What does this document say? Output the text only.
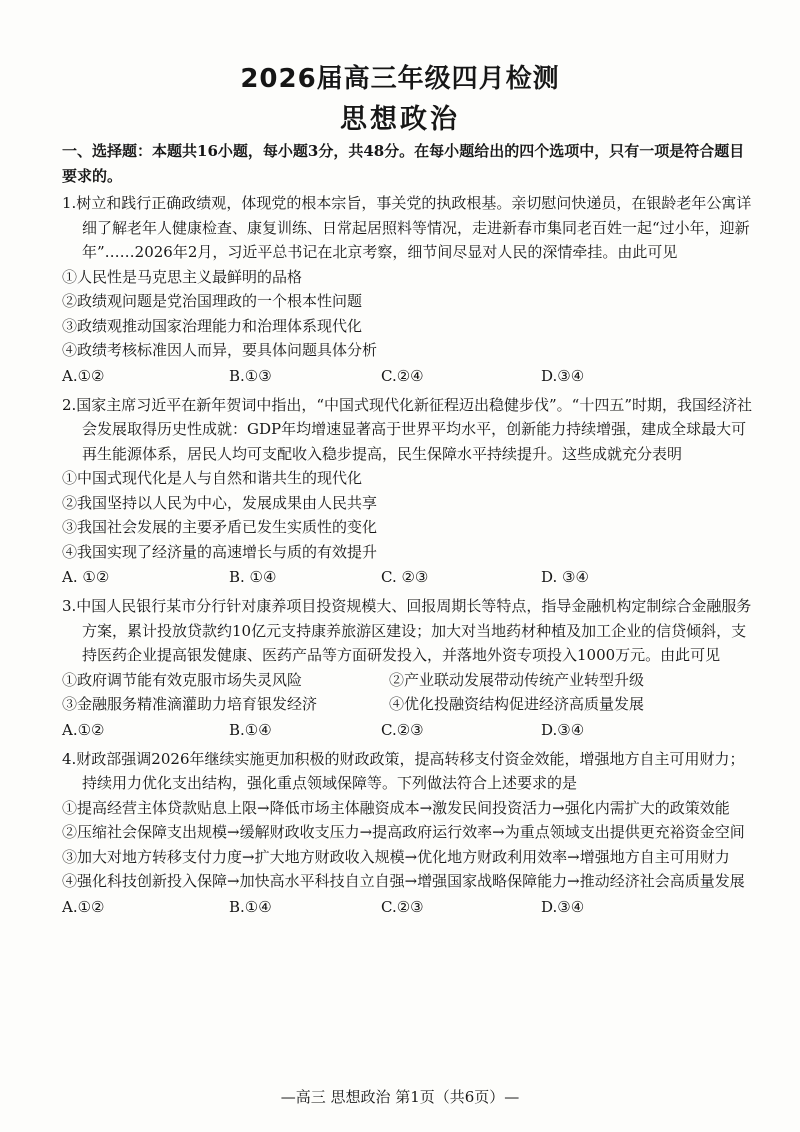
2026届高三年级四月检测
思想政治
一、选择题：本题共16小题，每小题3分，共48分。在每小题给出的四个选项中，只有一项是符合题目要求的。
1.树立和践行正确政绩观，体现党的根本宗旨，事关党的执政根基。亲切慰问快递员，在银龄老年公寓详细了解老年人健康检查、康复训练、日常起居照料等情况，走进新春市集同老百姓一起“过小年，迎新年”……2026年2月，习近平总书记在北京考察，细节间尽显对人民的深情牵挂。由此可见
①人民性是马克思主义最鲜明的品格
②政绩观问题是党治国理政的一个根本性问题
③政绩观推动国家治理能力和治理体系现代化
④政绩考核标准因人而异，要具体问题具体分析
A.①②	B.①③	C.②④	D.③④
2.国家主席习近平在新年贺词中指出，“中国式现代化新征程迈出稳健步伐”。“十四五”时期，我国经济社会发展取得历史性成就：GDP年均增速显著高于世界平均水平，创新能力持续增强，建成全球最大可再生能源体系，居民人均可支配收入稳步提高，民生保障水平持续提升。这些成就充分表明
①中国式现代化是人与自然和谐共生的现代化
②我国坚持以人民为中心，发展成果由人民共享
③我国社会发展的主要矛盾已发生实质性的变化
④我国实现了经济量的高速增长与质的有效提升
A. ①②	B. ①④	C. ②③	D. ③④
3.中国人民银行某市分行针对康养项目投资规模大、回报周期长等特点，指导金融机构定制综合金融服务方案，累计投放贷款约10亿元支持康养旅游区建设；加大对当地药材种植及加工企业的信贷倾斜，支持医药企业提高银发健康、医药产品等方面研发投入，并落地外资专项投入1000万元。由此可见
①政府调节能有效克服市场失灵风险	②产业联动发展带动传统产业转型升级
③金融服务精准滴灌助力培育银发经济	④优化投融资结构促进经济高质量发展
A.①②	B.①④	C.②③	D.③④
4.财政部强调2026年继续实施更加积极的财政政策，提高转移支付资金效能，增强地方自主可用财力；持续用力优化支出结构，强化重点领域保障等。下列做法符合上述要求的是
①提高经营主体贷款贴息上限→降低市场主体融资成本→激发民间投资活力→强化内需扩大的政策效能
②压缩社会保障支出规模→缓解财政收支压力→提高政府运行效率→为重点领域支出提供更充裕资金空间
③加大对地方转移支付力度→扩大地方财政收入规模→优化地方财政利用效率→增强地方自主可用财力
④强化科技创新投入保障→加快高水平科技自立自强→增强国家战略保障能力→推动经济社会高质量发展
A.①②	B.①④	C.②③	D.③④
—高三 思想政治 第1页（共6页）—
